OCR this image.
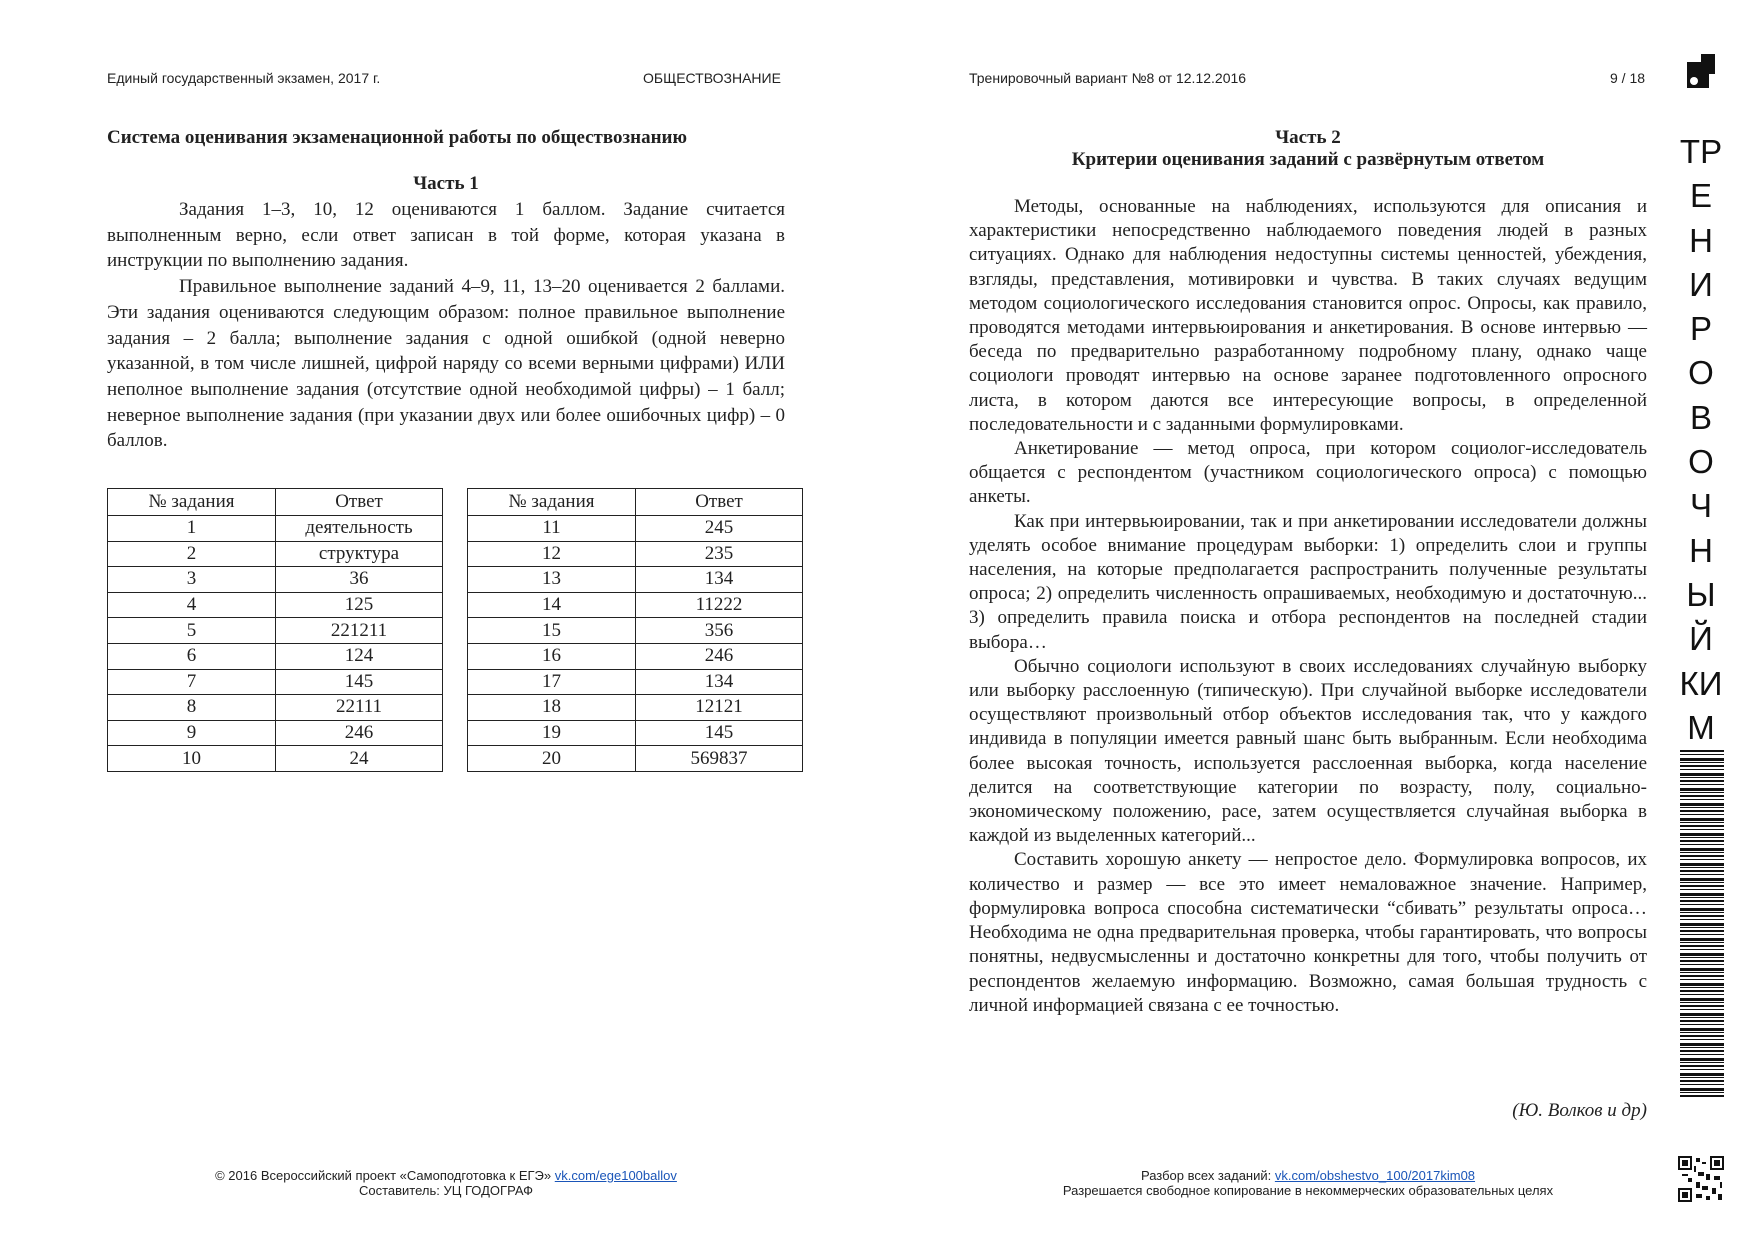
Единый государственный экзамен, 2017 г.	ОБЩЕСТВОЗНАНИЕ	Тренировочный вариант №8 от 12.12.2016	9 / 18
Система оценивания экзаменационной работы по обществознанию
Часть 1

Задания 1–3, 10, 12 оцениваются 1 баллом. Задание считается выполненным верно, если ответ записан в той форме, которая указана в инструкции по выполнению задания.

Правильное выполнение заданий 4–9, 11, 13–20 оценивается 2 баллами. Эти задания оцениваются следующим образом: полное правильное выполнение задания – 2 балла; выполнение задания с одной ошибкой (одной неверно указанной, в том числе лишней, цифрой наряду со всеми верными цифрами) ИЛИ неполное выполнение задания (отсутствие одной необходимой цифры) – 1 балл; неверное выполнение задания (при указании двух или более ошибочных цифр) – 0 баллов.

№ задания	Ответ
1	деятельность
2	структура
3	36
4	125
5	221211
6	124
7	145
8	22111
9	246
10	24
№ задания	Ответ
11	245
12	235
13	134
14	11222
15	356
16	246
17	134
18	12121
19	145
20	569837
Часть 2
Критерии оценивания заданий с развёрнутым ответом

Методы, основанные на наблюдениях, используются для описания и характеристики непосредственно наблюдаемого поведения людей в разных ситуациях. Однако для наблюдения недоступны системы ценностей, убеждения, взгляды, представления, мотивировки и чувства. В таких случаях ведущим методом социологического исследования становится опрос. Опросы, как правило, проводятся методами интервьюирования и анкетирования. В основе интервью — беседа по предварительно разработанному подробному плану, однако чаще социологи проводят интервью на основе заранее подготовленного опросного листа, в котором даются все интересующие вопросы, в определенной последовательности и с заданными формулировками.

Анкетирование — метод опроса, при котором социолог-исследователь общается с респондентом (участником социологического опроса) с помощью анкеты.

Как при интервьюировании, так и при анкетировании исследователи должны уделять особое внимание процедурам выборки: 1) определить слои и группы населения, на которые предполагается распространить полученные результаты опроса; 2) определить численность опрашиваемых, необходимую и достаточную... 3) определить правила поиска и отбора респондентов на последней стадии выбора…

Обычно социологи используют в своих исследованиях случайную выборку или выборку расслоенную (типическую). При случайной выборке исследователи осуществляют произвольный отбор объектов исследования так, что у каждого индивида в популяции имеется равный шанс быть выбранным. Если необходима более высокая точность, используется расслоенная выборка, когда население делится на соответствующие категории по возрасту, полу, социально-экономическому положению, расе, затем осуществляется случайная выборка в каждой из выделенных категорий...

Составить хорошую анкету — непростое дело. Формулировка вопросов, их количество и размер — все это имеет немаловажное значение. Например, формулировка вопроса способна систематически “сбивать” результаты опроса… Необходима не одна предварительная проверка, чтобы гарантировать, что вопросы понятны, недвусмысленны и достаточно конкретны для того, чтобы получить от респондентов желаемую информацию. Возможно, самая большая трудность с личной информацией связана с ее точностью.

(Ю. Волков и др)
ТР
Е
Н
И
Р
О
В
О
Ч
Н
Ы
Й
КИ
М
© 2016 Всероссийский проект «Самоподготовка к ЕГЭ» vk.com/ege100ballov
Составитель: УЦ ГОДОГРАФ
Разбор всех заданий: vk.com/obshestvo_100/2017kim08
Разрешается свободное копирование в некоммерческих образовательных целях
